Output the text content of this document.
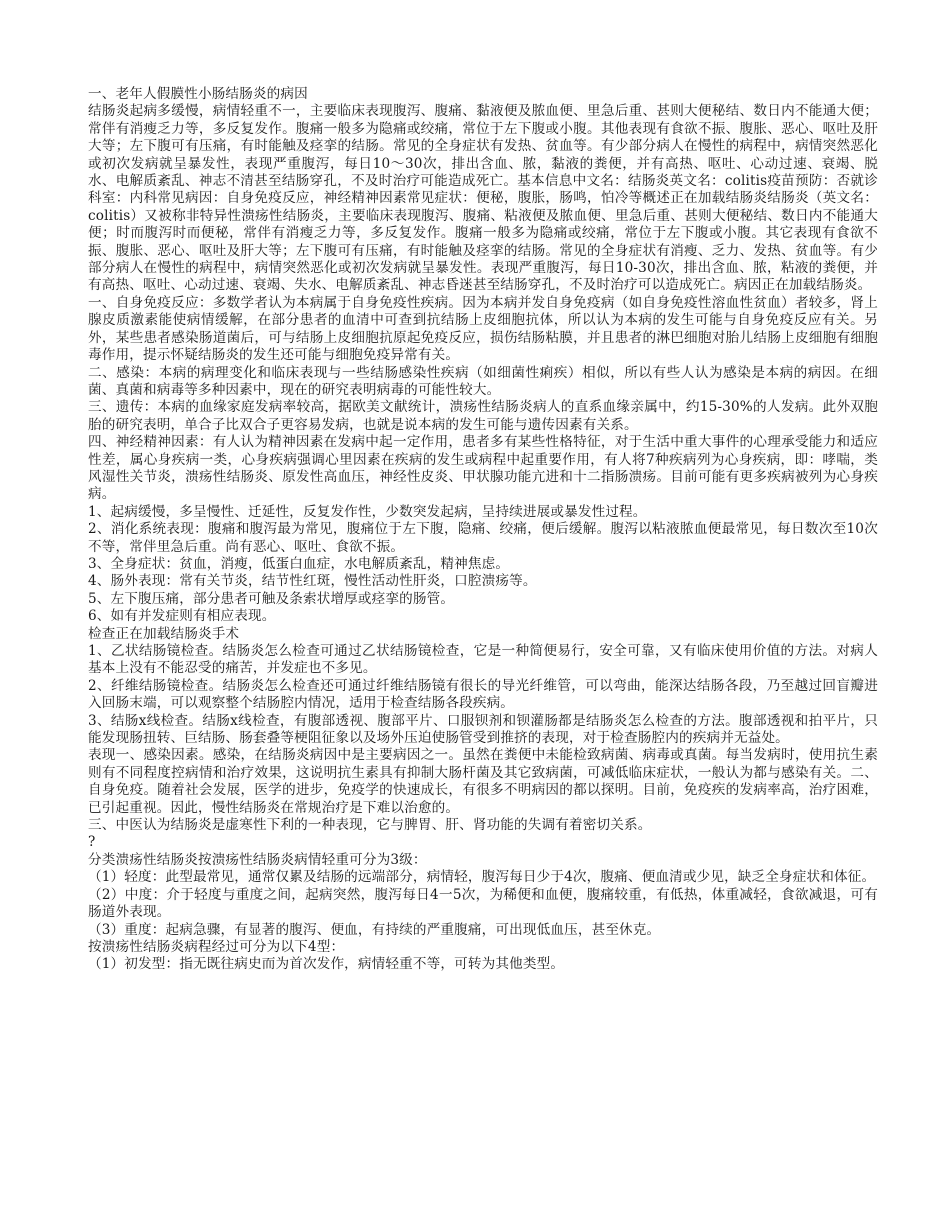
一、老年人假膜性小肠结肠炎的病因

结肠炎起病多缓慢，病情轻重不一，主要临床表现腹泻、腹痛、黏液便及脓血便、里急后重、甚则大便秘结、数日内不能通大便；常伴有消瘦乏力等，多反复发作。腹痛一般多为隐痛或绞痛，常位于左下腹或小腹。其他表现有食欲不振、腹胀、恶心、呕吐及肝大等；左下腹可有压痛，有时能触及痉挛的结肠。常见的全身症状有发热、贫血等。有少部分病人在慢性的病程中，病情突然恶化或初次发病就呈暴发性，表现严重腹泻，每日10～30次，排出含血、脓，黏液的粪便，并有高热、呕吐、心动过速、衰竭、脱水、电解质紊乱、神志不清甚至结肠穿孔，不及时治疗可能造成死亡。基本信息中文名：结肠炎英文名：colitis疫苗预防：否就诊科室：内科常见病因：自身免疫反应，神经精神因素常见症状：便秘，腹胀，肠鸣，怕冷等概述正在加载结肠炎结肠炎（英文名：colitis）又被称非特异性溃疡性结肠炎，主要临床表现腹泻、腹痛、粘液便及脓血便、里急后重、甚则大便秘结、数日内不能通大便；时而腹泻时而便秘，常伴有消瘦乏力等，多反复发作。腹痛一般多为隐痛或绞痛，常位于左下腹或小腹。其它表现有食欲不振、腹胀、恶心、呕吐及肝大等；左下腹可有压痛，有时能触及痉挛的结肠。常见的全身症状有消瘦、乏力、发热、贫血等。有少部分病人在慢性的病程中，病情突然恶化或初次发病就呈暴发性。表现严重腹泻，每日10-30次，排出含血、脓，粘液的粪便，并有高热、呕吐、心动过速、衰竭、失水、电解质紊乱、神志昏迷甚至结肠穿孔，不及时治疗可以造成死亡。病因正在加载结肠炎。

一、自身免疫反应：多数学者认为本病属于自身免疫性疾病。因为本病并发自身免疫病（如自身免疫性溶血性贫血）者较多，肾上腺皮质激素能使病情缓解，在部分患者的血清中可查到抗结肠上皮细胞抗体，所以认为本病的发生可能与自身免疫反应有关。另外，某些患者感染肠道菌后，可与结肠上皮细胞抗原起免疫反应，损伤结肠粘膜，并且患者的淋巴细胞对胎儿结肠上皮细胞有细胞毒作用，提示怀疑结肠炎的发生还可能与细胞免疫异常有关。

二、感染：本病的病理变化和临床表现与一些结肠感染性疾病（如细菌性痢疾）相似，所以有些人认为感染是本病的病因。在细菌、真菌和病毒等多种因素中，现在的研究表明病毒的可能性较大。

三、遗传：本病的血缘家庭发病率较高，据欧美文献统计，溃疡性结肠炎病人的直系血缘亲属中，约15-30%的人发病。此外双胞胎的研究表明，单合子比双合子更容易发病，也就是说本病的发生可能与遗传因素有关系。

四、神经精神因素：有人认为精神因素在发病中起一定作用，患者多有某些性格特征，对于生活中重大事件的心理承受能力和适应性差，属心身疾病一类，心身疾病强调心里因素在疾病的发生或病程中起重要作用，有人将7种疾病列为心身疾病，即：哮喘，类风湿性关节炎，溃疡性结肠炎、原发性高血压，神经性皮炎、甲状腺功能亢进和十二指肠溃疡。目前可能有更多疾病被列为心身疾病。

1、起病缓慢，多呈慢性、迁延性，反复发作性，少数突发起病，呈持续进展或暴发性过程。

2、消化系统表现：腹痛和腹泻最为常见，腹痛位于左下腹，隐痛、绞痛，便后缓解。腹泻以粘液脓血便最常见，每日数次至10次不等，常伴里急后重。尚有恶心、呕吐、食欲不振。

3、全身症状：贫血，消瘦，低蛋白血症，水电解质紊乱，精神焦虑。

4、肠外表现：常有关节炎，结节性红斑，慢性活动性肝炎，口腔溃疡等。

5、左下腹压痛，部分患者可触及条索状增厚或痉挛的肠管。

6、如有并发症则有相应表现。

检查正在加载结肠炎手术

1、乙状结肠镜检查。结肠炎怎么检查可通过乙状结肠镜检查，它是一种简便易行，安全可靠，又有临床使用价值的方法。对病人基本上没有不能忍受的痛苦，并发症也不多见。

2、纤维结肠镜检查。结肠炎怎么检查还可通过纤维结肠镜有很长的导光纤维管，可以弯曲，能深达结肠各段，乃至越过回盲瓣进入回肠末端，可以观察整个结肠腔内情况，适用于检查结肠各段疾病。

3、结肠x线检查。结肠x线检查，有腹部透视、腹部平片、口服钡剂和钡灌肠都是结肠炎怎么检查的方法。腹部透视和拍平片，只能发现肠扭转、巨结肠、肠套叠等梗阻征象以及场外压迫使肠管受到推挤的表现，对于检查肠腔内的疾病并无益处。

表现一、感染因素。感染，在结肠炎病因中是主要病因之一。虽然在粪便中未能检致病菌、病毒或真菌。每当发病时，使用抗生素则有不同程度控病情和治疗效果，这说明抗生素具有抑制大肠杆菌及其它致病菌，可减低临床症状，一般认为都与感染有关。二、自身免疫。随着社会发展，医学的进步，免疫学的快速成长，有很多不明病因的都以探明。目前，免疫疾的发病率高，治疗困难，已引起重视。因此，慢性结肠炎在常规治疗是下难以治愈的。

三、中医认为结肠炎是虚寒性下利的一种表现，它与脾胃、肝、肾功能的失调有着密切关系。

?

分类溃疡性结肠炎按溃疡性结肠炎病情轻重可分为3级：

（1）轻度：此型最常见，通常仅累及结肠的远端部分，病情轻，腹泻每日少于4次，腹痛、便血清或少见，缺乏全身症状和体征。

（2）中度：介于轻度与重度之间，起病突然，腹泻每日4一5次，为稀便和血便，腹痛较重，有低热，体重减轻，食欲减退，可有肠道外表现。

（3）重度：起病急骤，有显著的腹泻、便血，有持续的严重腹痛，可出现低血压，甚至休克。

按溃疡性结肠炎病程经过可分为以下4型：

（1）初发型：指无既往病史而为首次发作，病情轻重不等，可转为其他类型。
